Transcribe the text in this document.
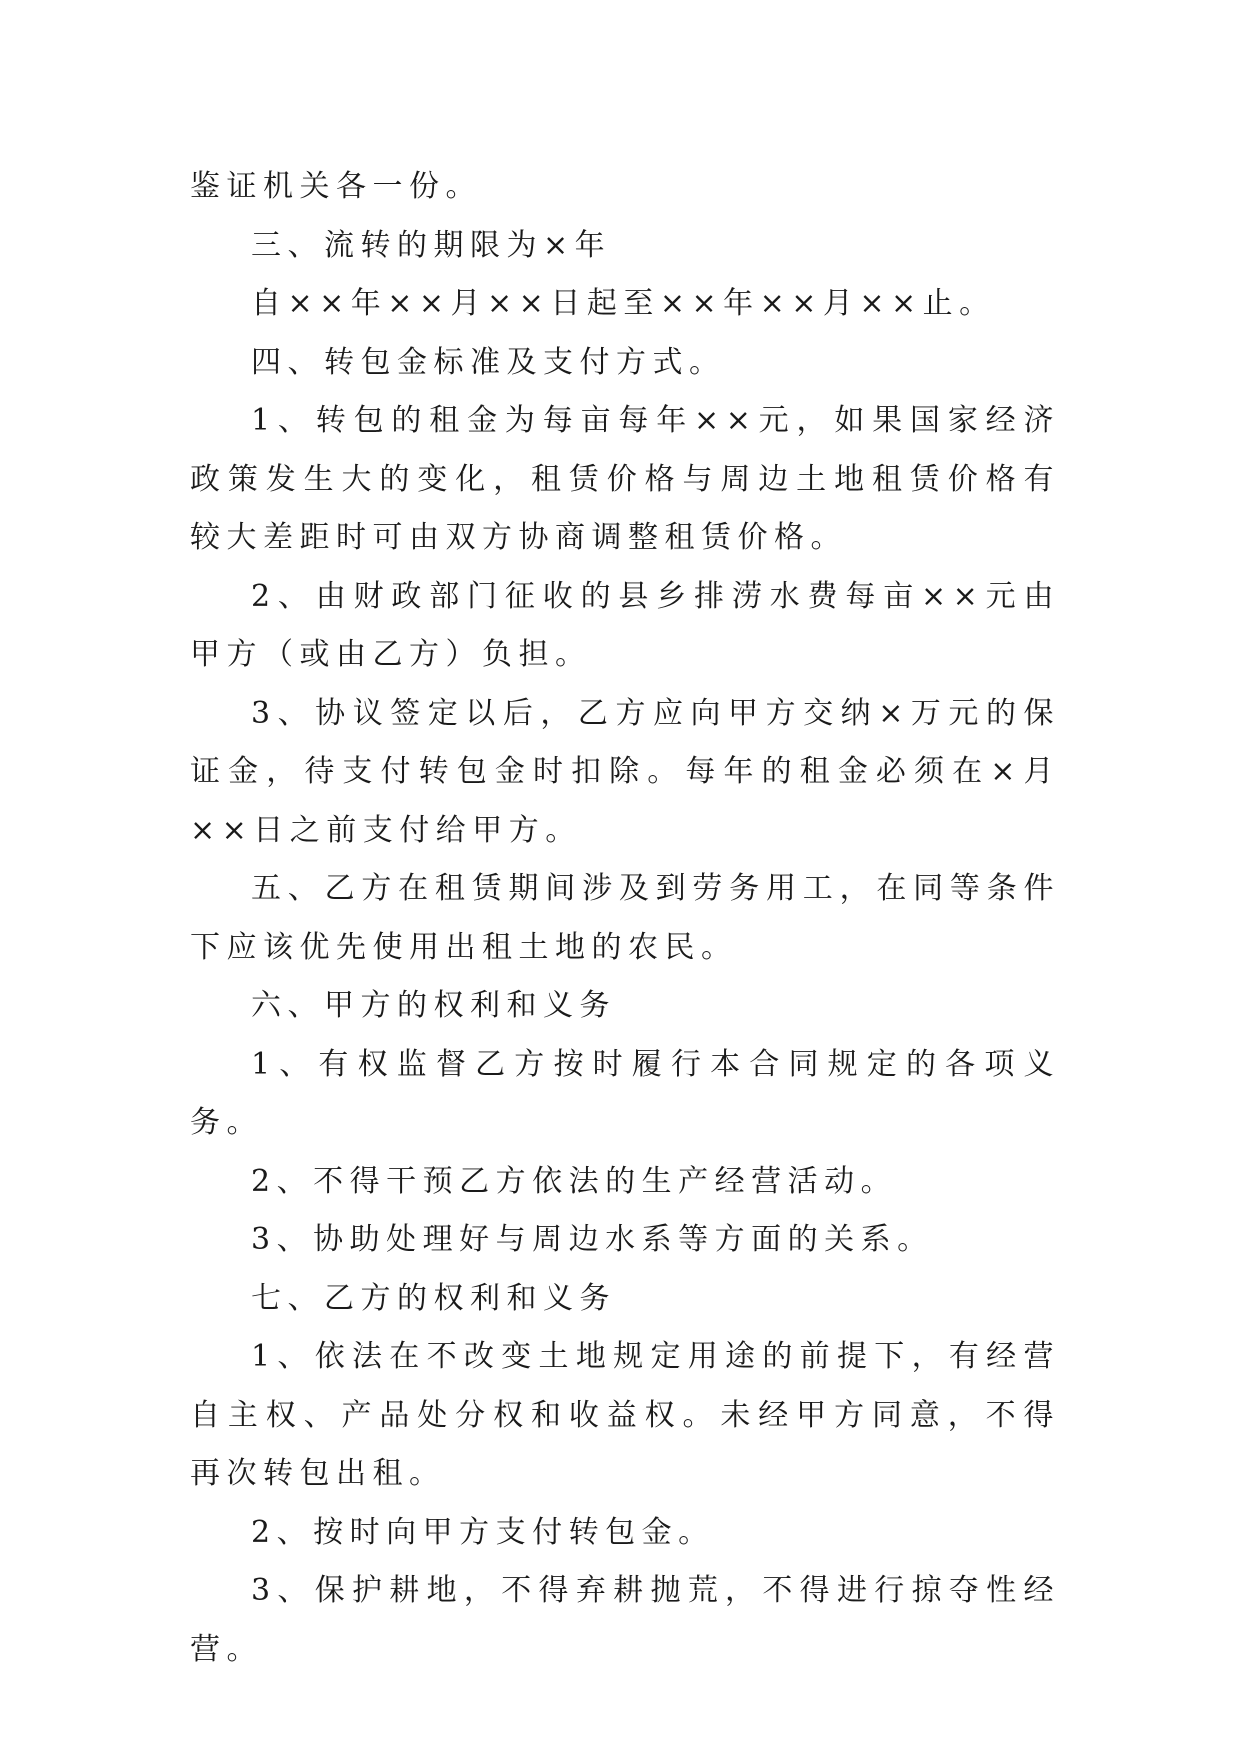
鉴证机关各一份。

三、流转的期限为×年

自××年××月××日起至××年××月××止。

四、转包金标准及支付方式。

1、转包的租金为每亩每年××元，如果国家经济政策发生大的变化，租赁价格与周边土地租赁价格有较大差距时可由双方协商调整租赁价格。

2、由财政部门征收的县乡排涝水费每亩××元由甲方（或由乙方）负担。

3、协议签定以后，乙方应向甲方交纳×万元的保证金，待支付转包金时扣除。每年的租金必须在×月××日之前支付给甲方。

五、乙方在租赁期间涉及到劳务用工，在同等条件下应该优先使用出租土地的农民。

六、甲方的权利和义务

1、有权监督乙方按时履行本合同规定的各项义务。

2、不得干预乙方依法的生产经营活动。

3、协助处理好与周边水系等方面的关系。

七、乙方的权利和义务

1、依法在不改变土地规定用途的前提下，有经营自主权、产品处分权和收益权。未经甲方同意，不得再次转包出租。

2、按时向甲方支付转包金。

3、保护耕地，不得弃耕抛荒，不得进行掠夺性经营。
